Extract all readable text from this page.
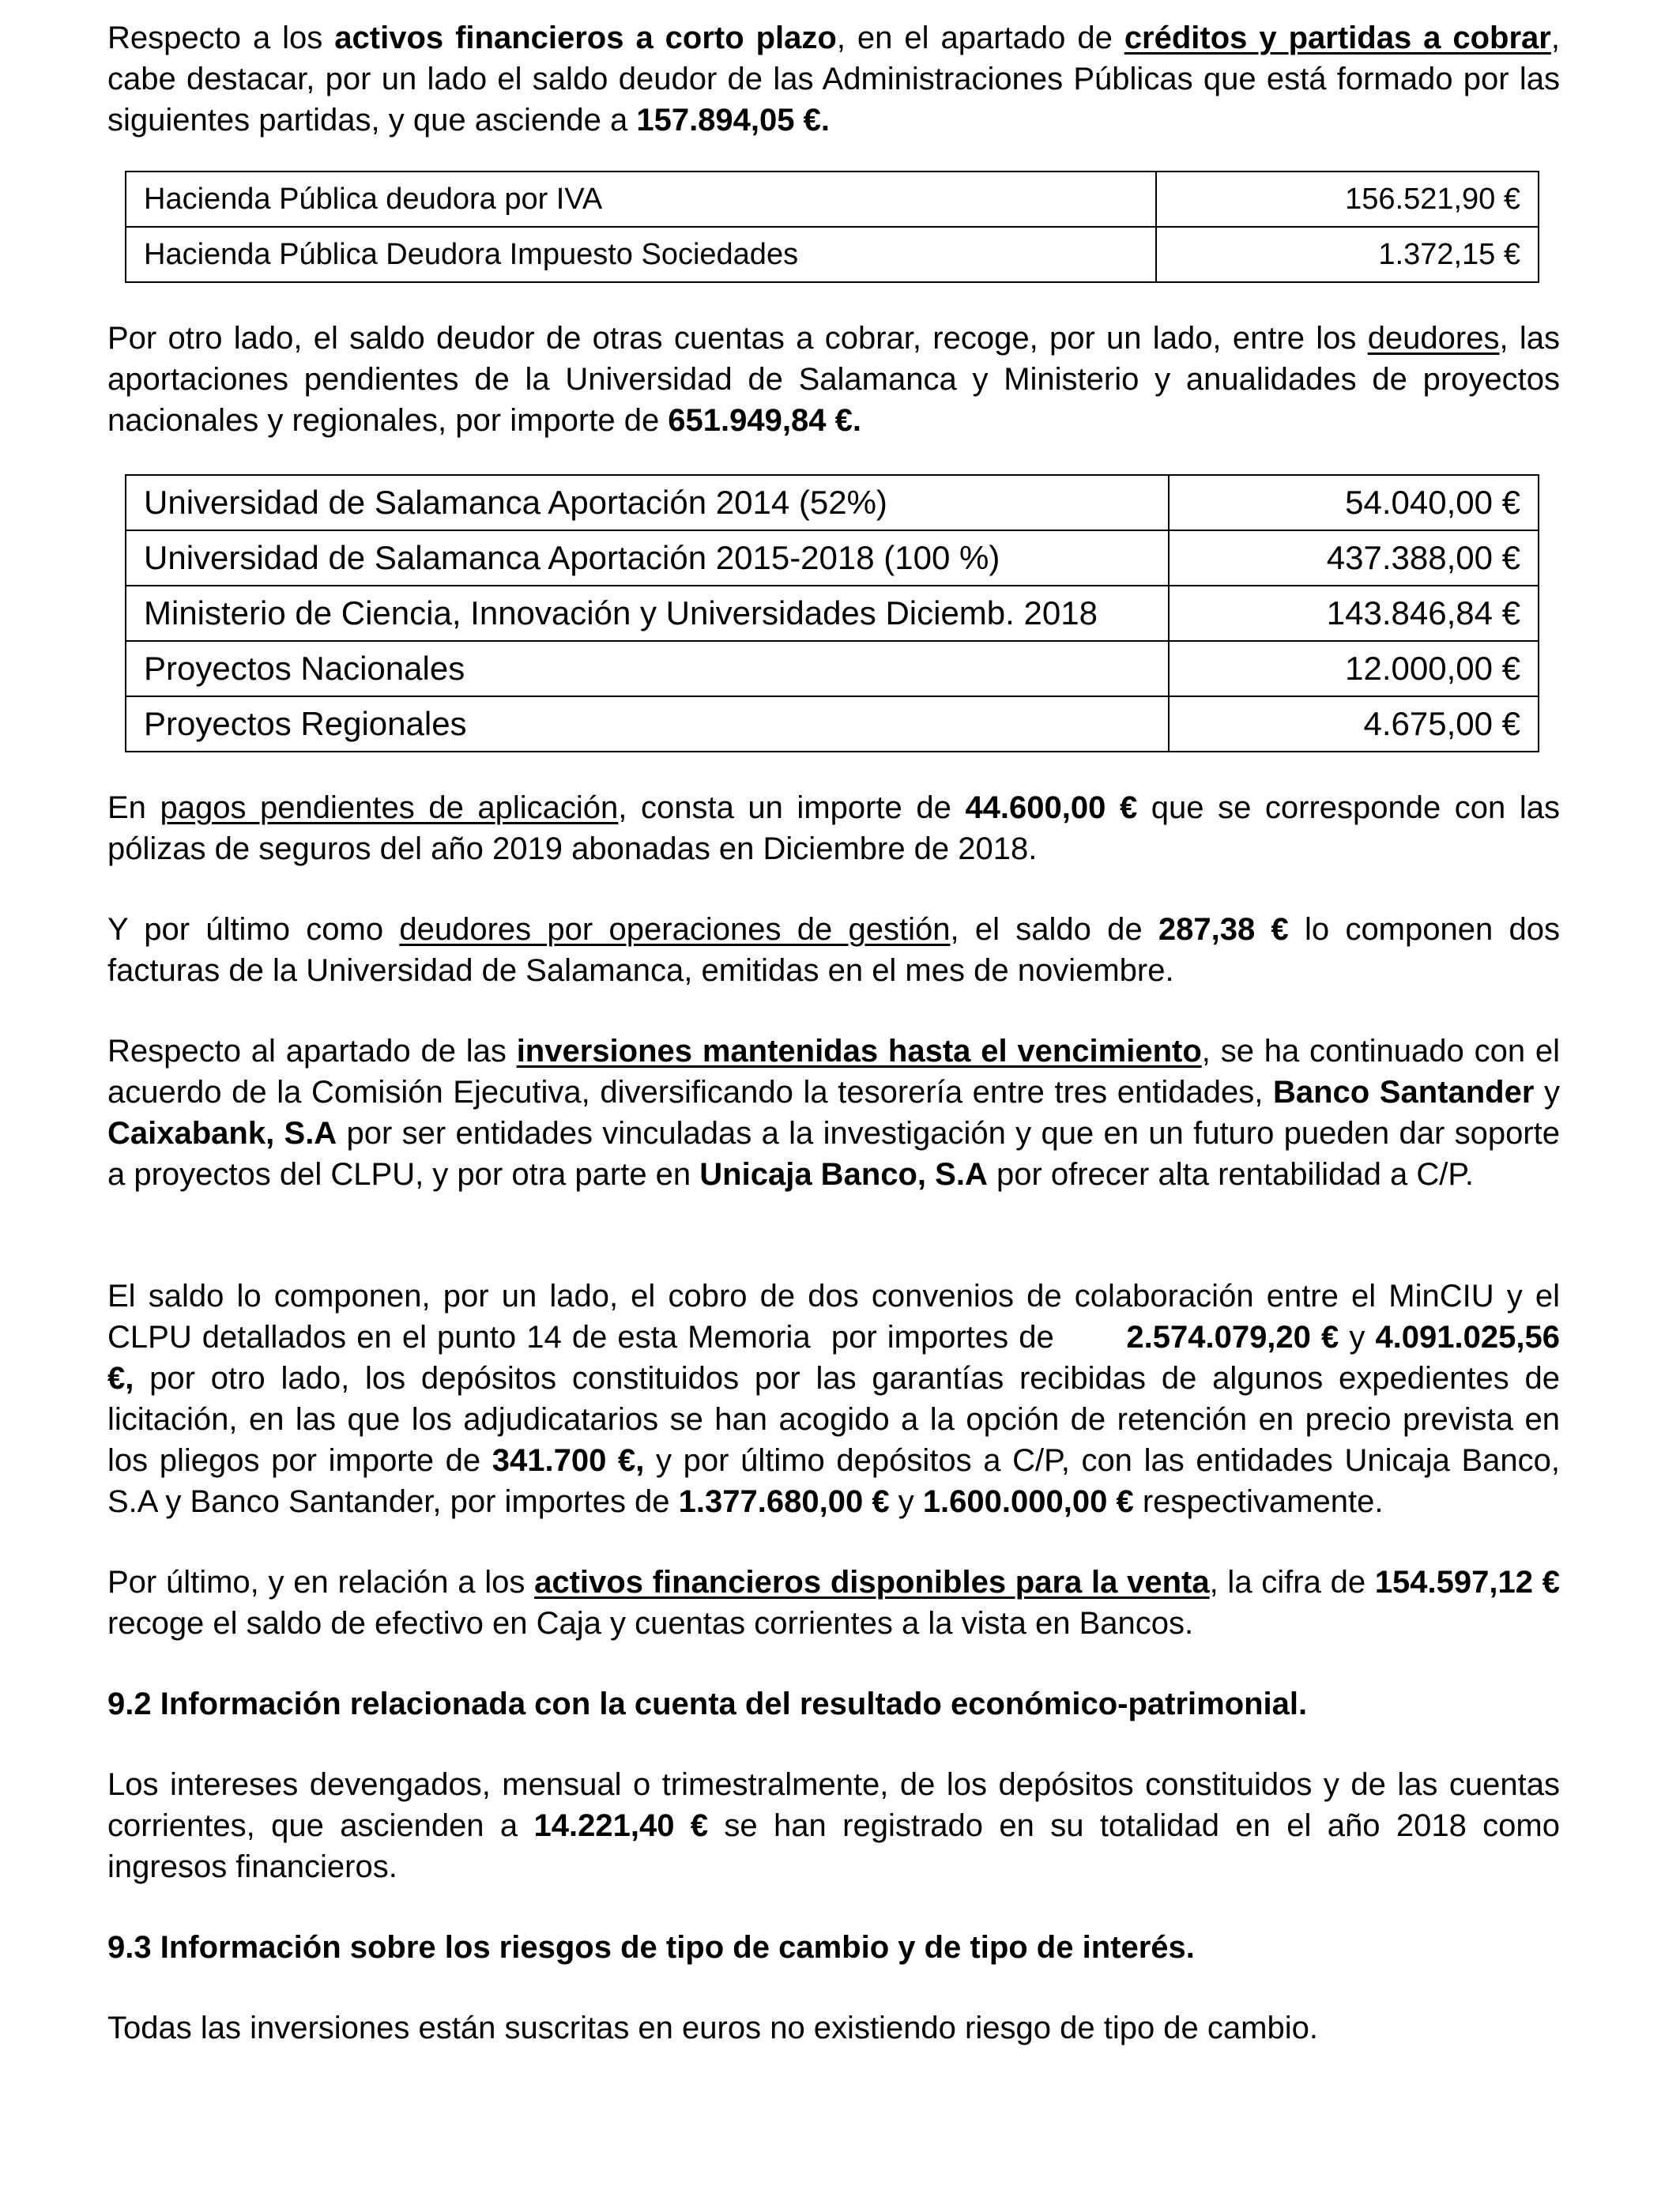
Respecto a los activos financieros a corto plazo, en el apartado de créditos y partidas a cobrar, cabe destacar, por un lado el saldo deudor de las Administraciones Públicas que está formado por las siguientes partidas, y que asciende a 157.894,05 €.

Hacienda Pública deudora por IVA	156.521,90 €
Hacienda Pública Deudora Impuesto Sociedades	1.372,15 €

Por otro lado, el saldo deudor de otras cuentas a cobrar, recoge, por un lado, entre los deudores, las aportaciones pendientes de la Universidad de Salamanca y Ministerio y anualidades de proyectos nacionales y regionales, por importe de 651.949,84 €.

Universidad de Salamanca Aportación 2014 (52%)	54.040,00 €
Universidad de Salamanca Aportación 2015-2018 (100 %)	437.388,00 €
Ministerio de Ciencia, Innovación y Universidades Diciemb. 2018	143.846,84 €
Proyectos Nacionales	12.000,00 €
Proyectos Regionales	4.675,00 €

En pagos pendientes de aplicación, consta un importe de 44.600,00 € que se corresponde con las pólizas de seguros del año 2019 abonadas en Diciembre de 2018.

Y por último como deudores por operaciones de gestión, el saldo de 287,38 € lo componen dos facturas de la Universidad de Salamanca, emitidas en el mes de noviembre.

Respecto al apartado de las inversiones mantenidas hasta el vencimiento, se ha continuado con el acuerdo de la Comisión Ejecutiva, diversificando la tesorería entre tres entidades, Banco Santander y Caixabank, S.A por ser entidades vinculadas a la investigación y que en un futuro pueden dar soporte a proyectos del CLPU, y por otra parte en Unicaja Banco, S.A por ofrecer alta rentabilidad a C/P.

El saldo lo componen, por un lado, el cobro de dos convenios de colaboración entre el MinCIU y el CLPU detallados en el punto 14 de esta Memoria  por importes de       2.574.079,20 € y 4.091.025,56 €, por otro lado, los depósitos constituidos por las garantías recibidas de algunos expedientes de licitación, en las que los adjudicatarios se han acogido a la opción de retención en precio prevista en los pliegos por importe de 341.700 €, y por último depósitos a C/P, con las entidades Unicaja Banco, S.A y Banco Santander, por importes de 1.377.680,00 € y 1.600.000,00 € respectivamente.

Por último, y en relación a los activos financieros disponibles para la venta, la cifra de 154.597,12 € recoge el saldo de efectivo en Caja y cuentas corrientes a la vista en Bancos.

9.2 Información relacionada con la cuenta del resultado económico-patrimonial.

Los intereses devengados, mensual o trimestralmente, de los depósitos constituidos y de las cuentas corrientes, que ascienden a 14.221,40 € se han registrado en su totalidad en el año 2018 como ingresos financieros.

9.3 Información sobre los riesgos de tipo de cambio y de tipo de interés.

Todas las inversiones están suscritas en euros no existiendo riesgo de tipo de cambio.
